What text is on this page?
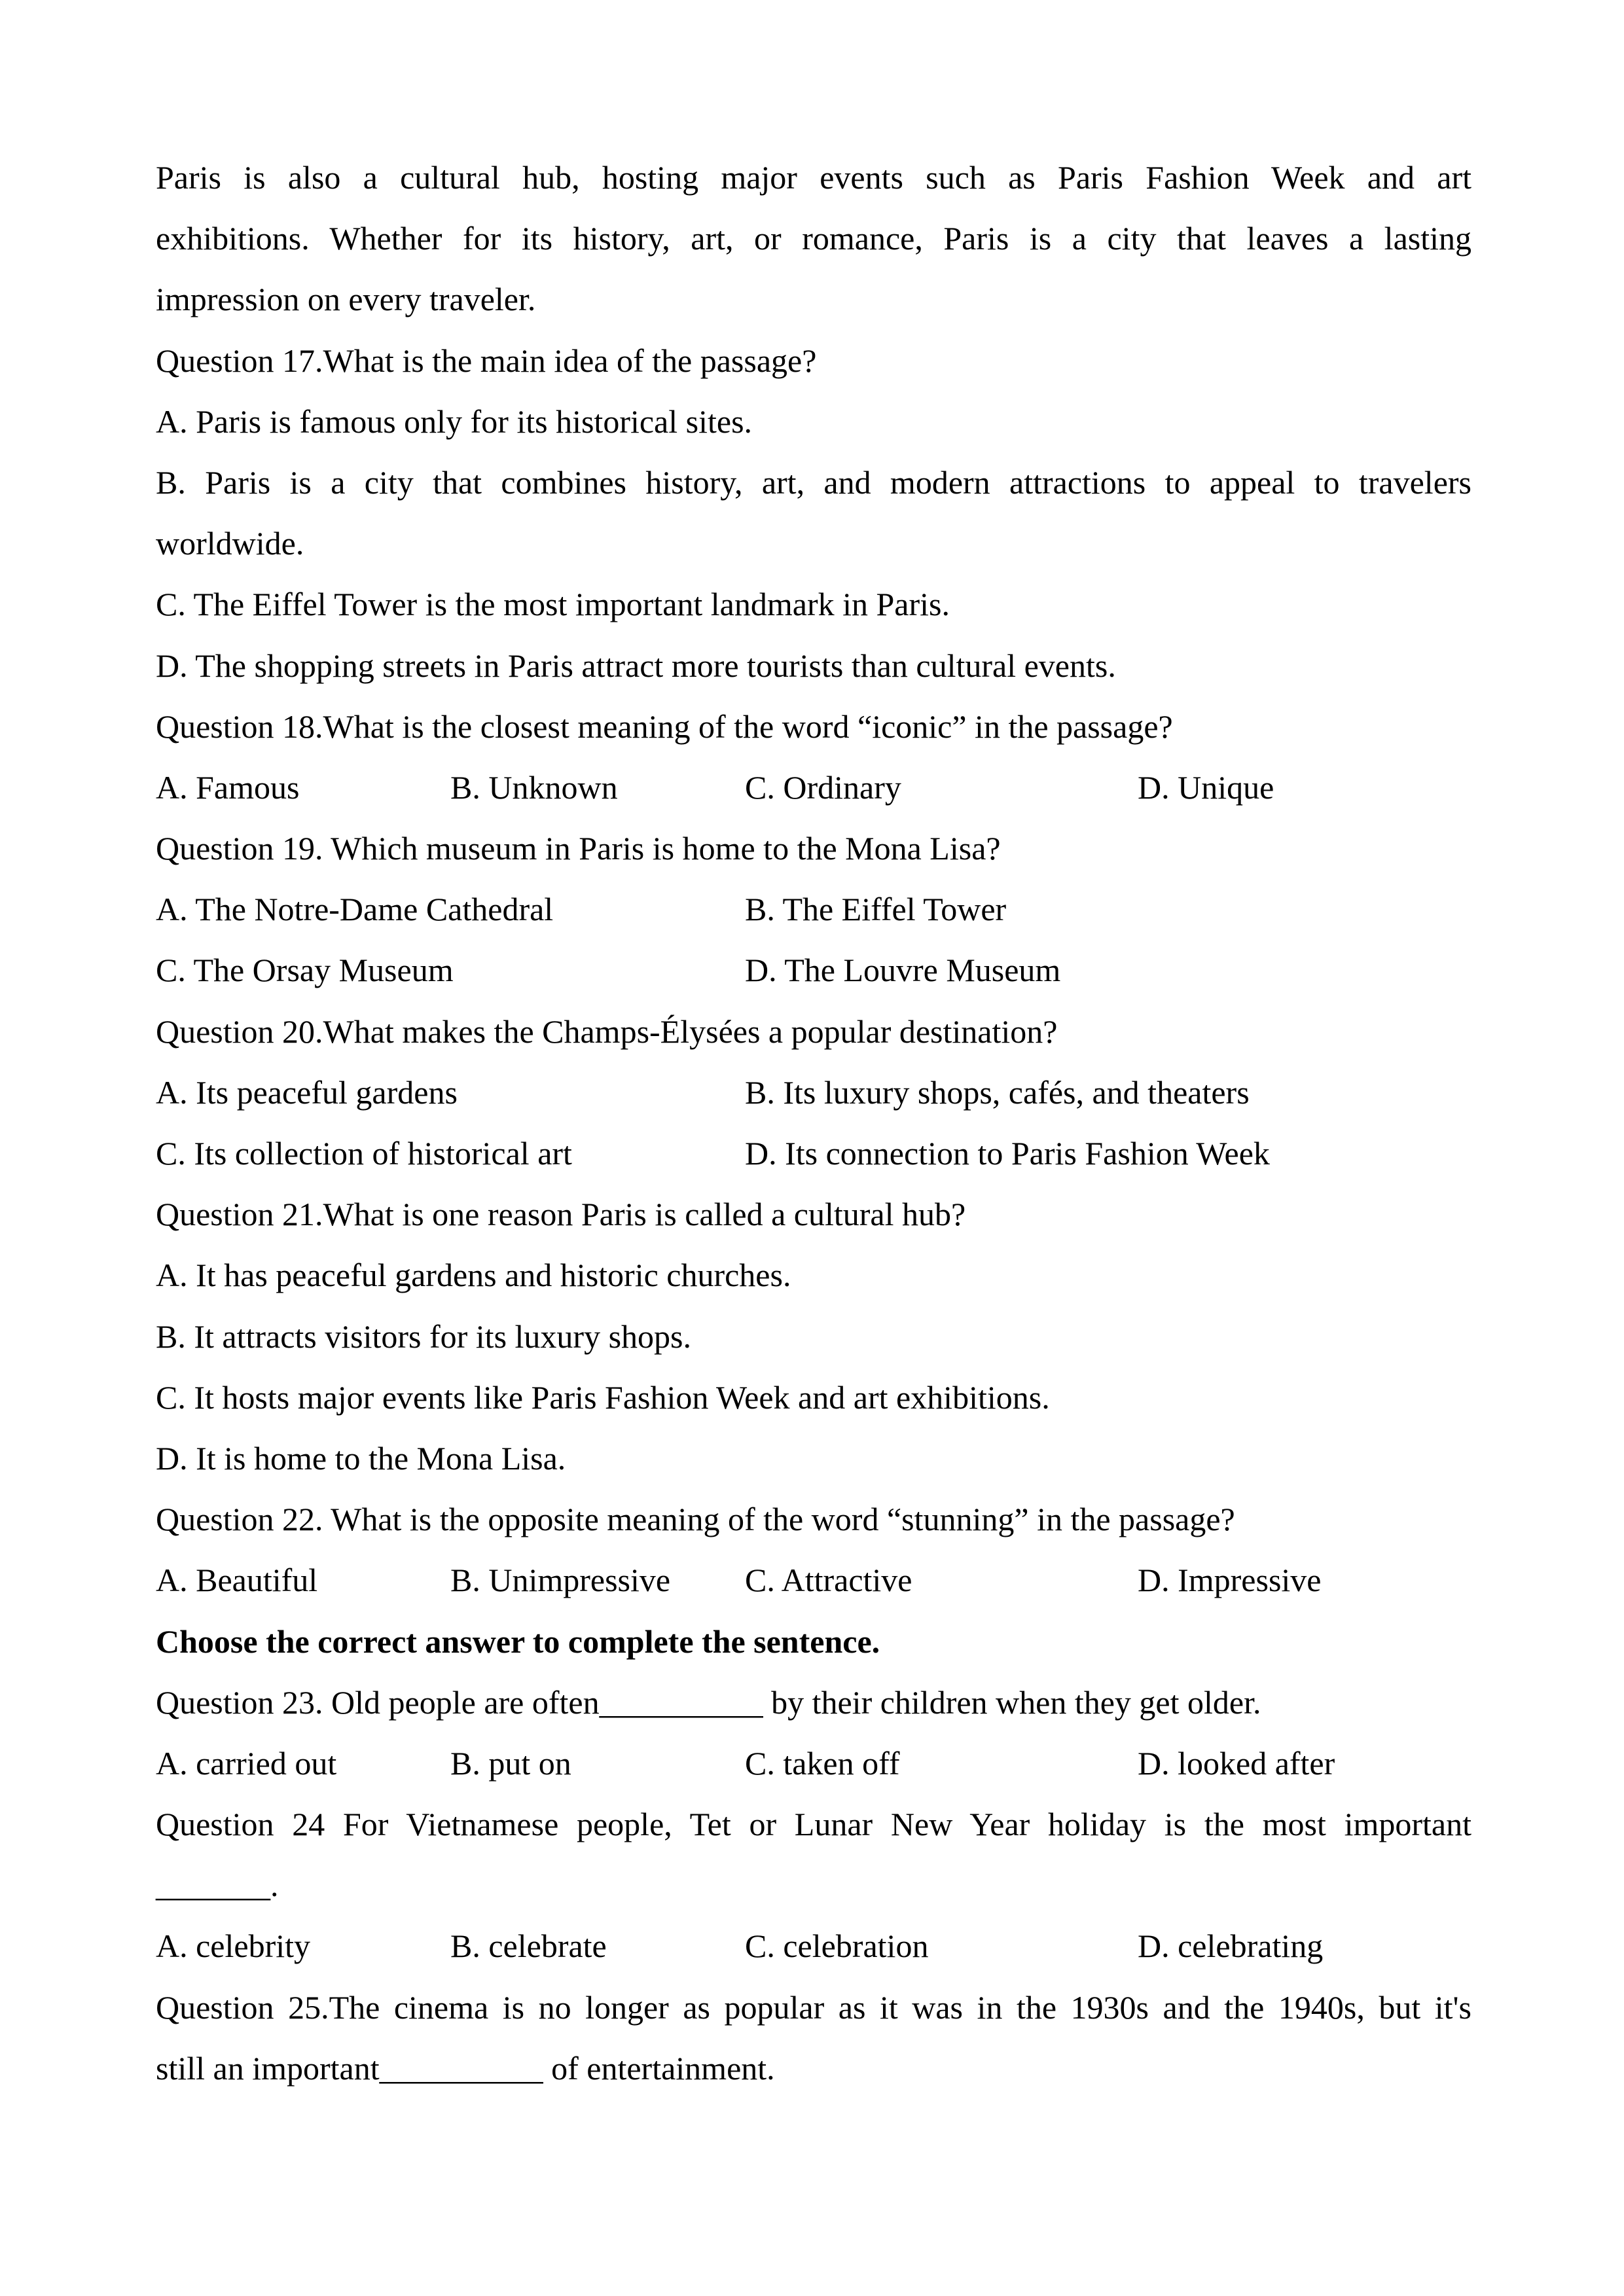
Paris is also a cultural hub, hosting major events such as Paris Fashion Week and art
exhibitions. Whether for its history, art, or romance, Paris is a city that leaves a lasting
impression on every traveler.
Question 17.What is the main idea of the passage?
A. Paris is famous only for its historical sites.
B. Paris is a city that combines history, art, and modern attractions to appeal to travelers
worldwide.
C. The Eiffel Tower is the most important landmark in Paris.
D. The shopping streets in Paris attract more tourists than cultural events.
Question 18.What is the closest meaning of the word “iconic” in the passage?
A. Famous	B. Unknown	C. Ordinary	D. Unique
Question 19. Which museum in Paris is home to the Mona Lisa?
A. The Notre-Dame Cathedral	B. The Eiffel Tower
C. The Orsay Museum	D. The Louvre Museum
Question 20.What makes the Champs-Élysées a popular destination?
A. Its peaceful gardens	B. Its luxury shops, cafés, and theaters
C. Its collection of historical art	D. Its connection to Paris Fashion Week
Question 21.What is one reason Paris is called a cultural hub?
A. It has peaceful gardens and historic churches.
B. It attracts visitors for its luxury shops.
C. It hosts major events like Paris Fashion Week and art exhibitions.
D. It is home to the Mona Lisa.
Question 22. What is the opposite meaning of the word “stunning” in the passage?
A. Beautiful	B. Unimpressive C. Attractive	D. Impressive
Choose the correct answer to complete the sentence.
Question 23. Old people are often__________ by their children when they get older.
A. carried out	B. put on	C. taken off	D. looked after
Question 24 For Vietnamese people, Tet or Lunar New Year holiday is the most important
_______.
A. celebrity	B. celebrate	C. celebration	D. celebrating
Question 25.The cinema is no longer as popular as it was in the 1930s and the 1940s, but it's
still an important__________ of entertainment.
